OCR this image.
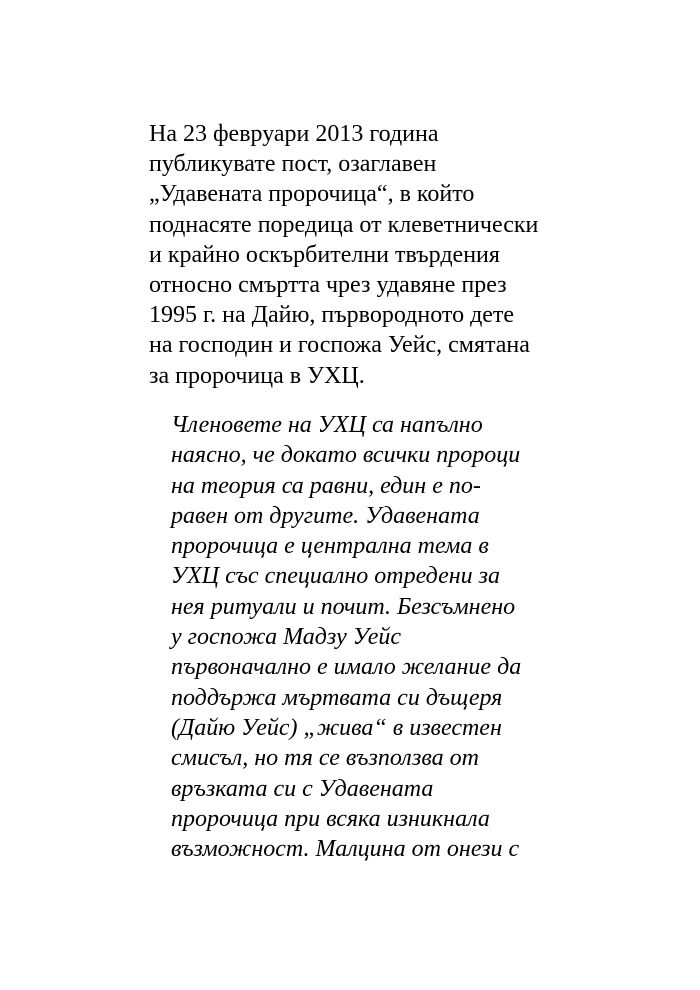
На 23 февруари 2013 година
публикувате пост, озаглавен
„Удавената пророчица“, в който
поднасяте поредица от клеветнически
и крайно оскърбителни твърдения
относно смъртта чрез удавяне през
1995 г. на Дайю, първородното дете
на господин и госпожа Уейс, смятана
за пророчица в УХЦ.

Членовете на УХЦ са напълно
наясно, че докато всички пророци
на теория са равни, един е по-
равен от другите. Удавената
пророчица е централна тема в
УХЦ със специално отредени за
нея ритуали и почит. Безсъмнено
у госпожа Мадзу Уейс
първоначално е имало желание да
поддържа мъртвата си дъщеря
(Дайю Уейс) „жива“ в известен
смисъл, но тя се възползва от
връзката си с Удавената
пророчица при всяка изникнала
възможност. Малцина от онези с
